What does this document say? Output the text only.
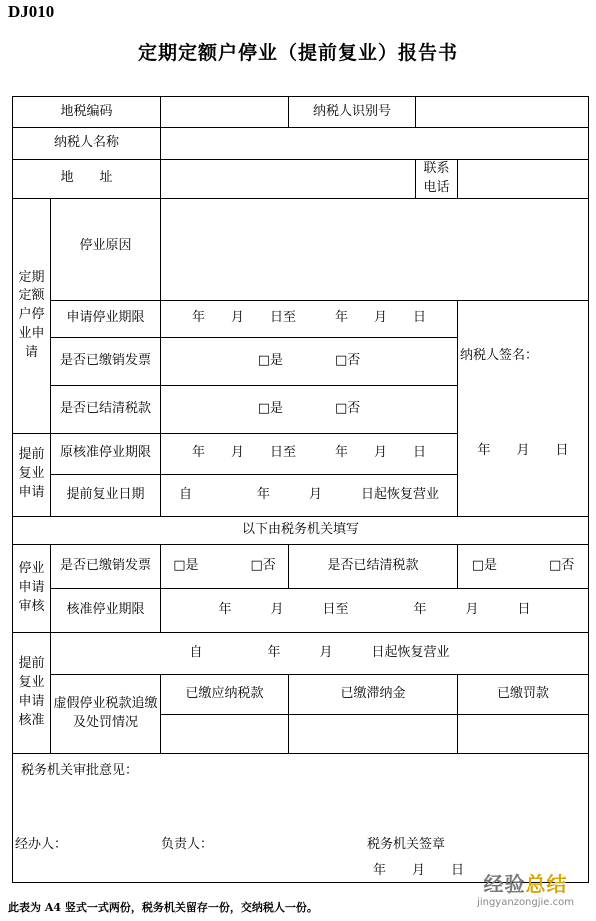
DJ010
定期定额户停业（提前复业）报告书
地税编码			纳税人识别号		
纳税人名称					
地　　址				联系电话	
定期定额户停业申请	停业原因				
	申请停业期限	年　　月　　日至　　　年　　月　　日			纳税人签名：
年　　月　　日

	是否已缴销发票	□是　　　　□否			
	是否已结清税款	□是　　　　□否			
提前复业申请	原核准停业期限	年　　月　　日至　　　年　　月　　日			
	提前复业日期	自　　　　　年　　　月　　　日起恢复营业			
以下由税务机关填写					
停业申请审核	是否已缴销发票	□是　　　　□否	是否已结清税款		□是　　　　□否
	核准停业期限	年　　　月　　　日至　　　　　年　　　月　　　日			
提前复业申请核准	自　　　　　年　　　月　　　日起恢复营业				
	虚假停业税款追缴及处罚情况	已缴应纳税款	已缴滞纳金		已缴罚款

税务机关审批意见：
经办人： 负责人： 税务机关签章
年　　月　　日					
此表为 A4 竖式一式两份，税务机关留存一份，交纳税人一份。
经验总结
jingyanzongjie.com
